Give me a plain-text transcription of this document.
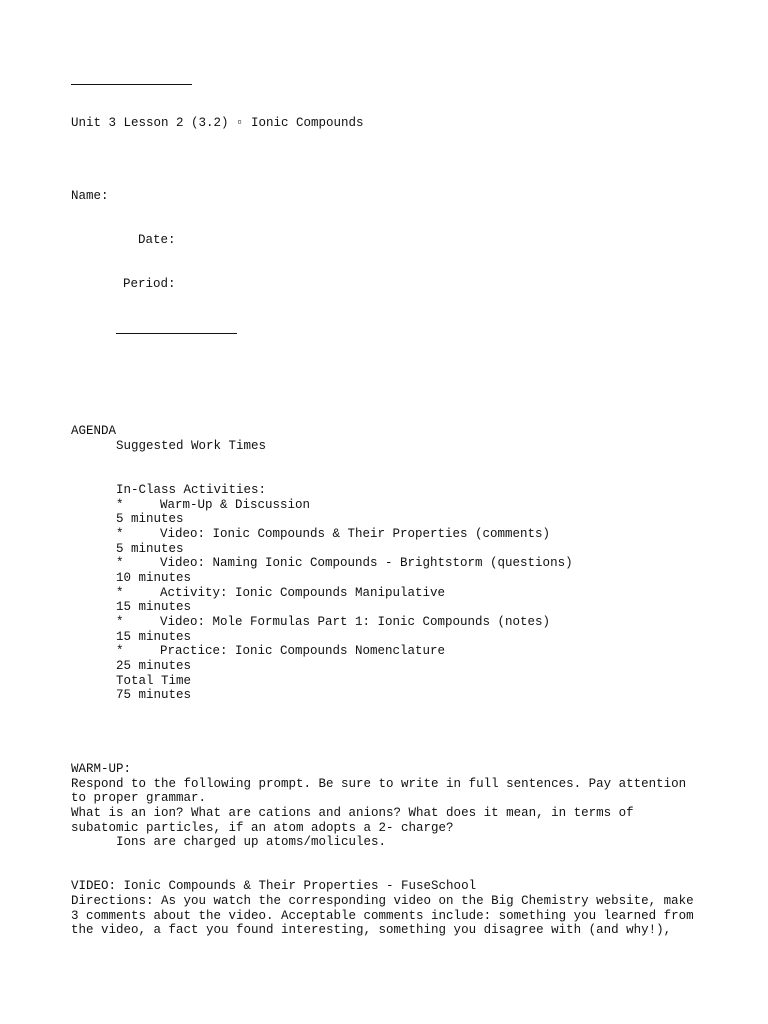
Unit 3 Lesson 2 (3.2) ▫ Ionic Compounds
Name:
Date:
Period:
AGENDA
Suggested Work Times
In-Class Activities:
*	Warm-Up & Discussion
5 minutes
*	Video: Ionic Compounds & Their Properties (comments)
5 minutes
*	Video: Naming Ionic Compounds - Brightstorm (questions)
10 minutes
*	Activity: Ionic Compounds Manipulative
15 minutes
*	Video: Mole Formulas Part 1: Ionic Compounds (notes)
15 minutes
*	Practice: Ionic Compounds Nomenclature
25 minutes
Total Time
75 minutes
WARM-UP:
Respond to the following prompt. Be sure to write in full sentences. Pay attention
to proper grammar.
What is an ion? What are cations and anions? What does it mean, in terms of
subatomic particles, if an atom adopts a 2- charge?
Ions are charged up atoms/molicules.
VIDEO: Ionic Compounds & Their Properties - FuseSchool
Directions: As you watch the corresponding video on the Big Chemistry website, make
3 comments about the video. Acceptable comments include: something you learned from
the video, a fact you found interesting, something you disagree with (and why!),
